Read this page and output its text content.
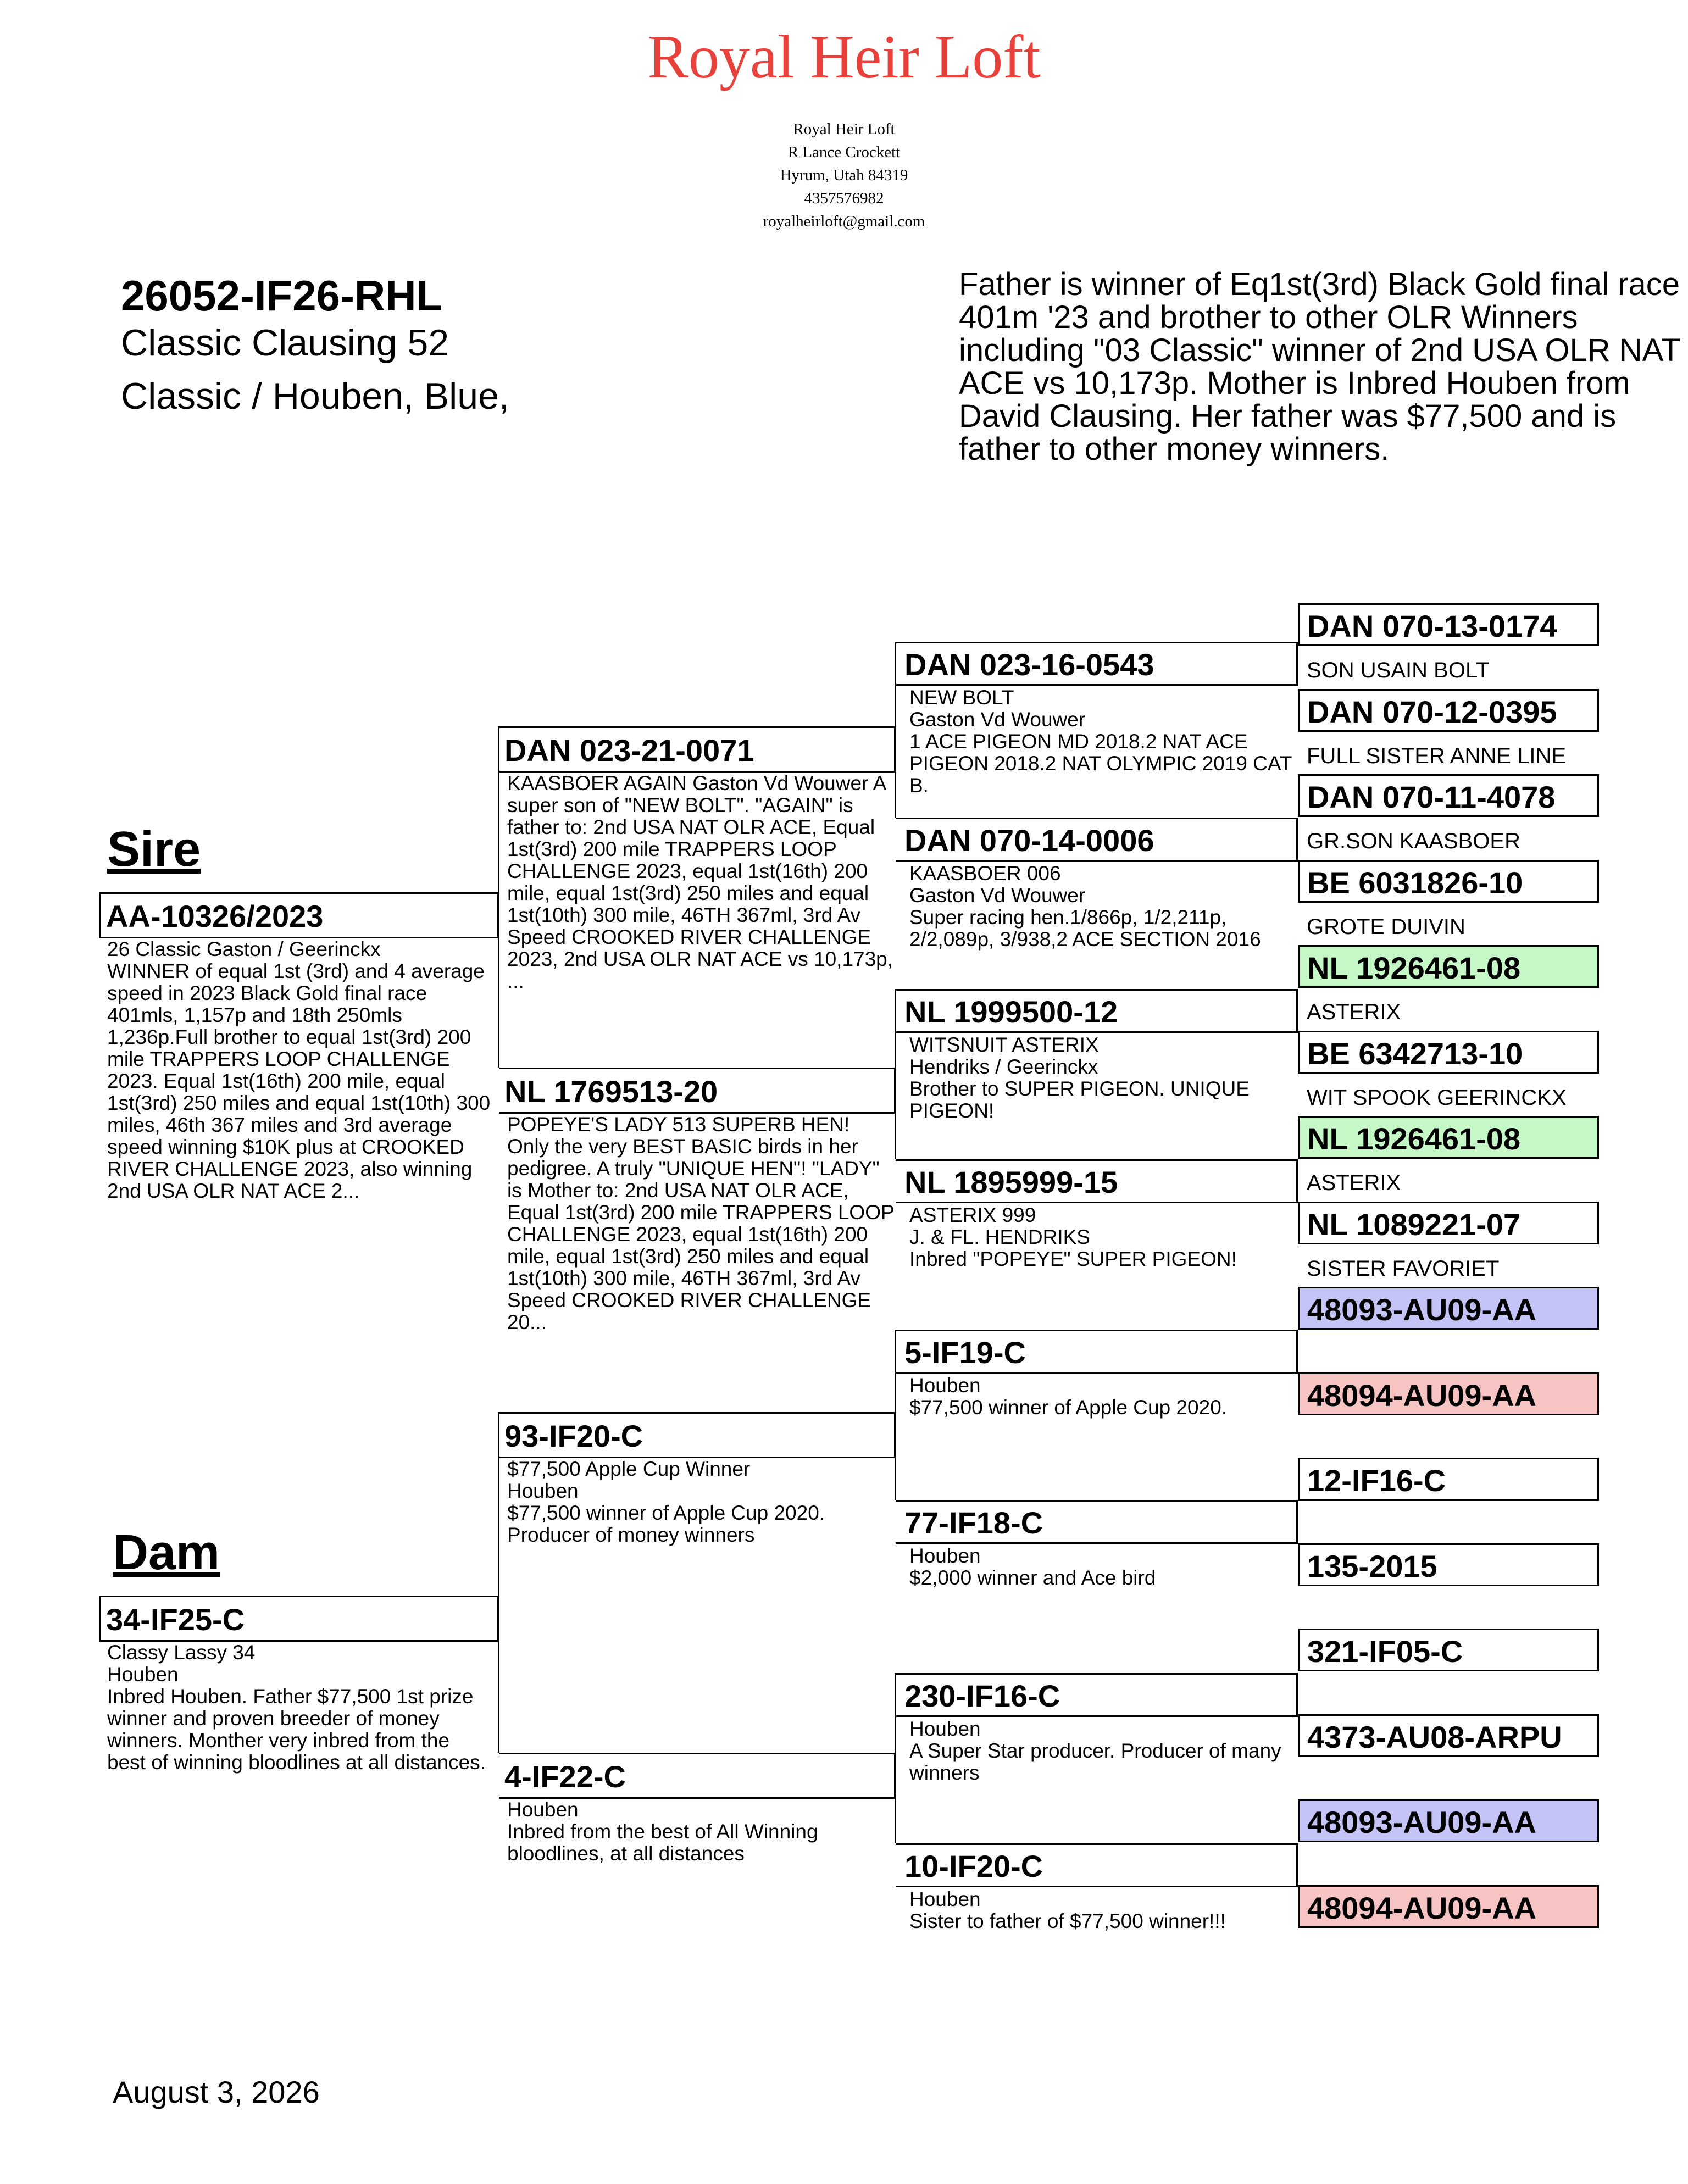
Royal Heir Loft
Royal Heir Loft
R Lance Crockett
Hyrum, Utah 84319
4357576982
royalheirloft@gmail.com
26052-IF26-RHL
Classic Clausing 52
Classic / Houben, Blue,
Father is winner of Eq1st(3rd) Black Gold final race 401m '23 and brother to other OLR Winners including "03 Classic" winner of 2nd USA OLR NAT ACE vs 10,173p. Mother is Inbred Houben from David Clausing. Her father was $77,500 and is father to other money winners.
Sire
Dam
AA-10326/2023
26 Classic Gaston / Geerinckx
WINNER of equal 1st (3rd) and 4 average speed in 2023 Black Gold final race 401mls, 1,157p and 18th 250mls 1,236p.Full brother to equal 1st(3rd) 200 mile TRAPPERS LOOP CHALLENGE 2023. Equal 1st(16th) 200 mile, equal 1st(3rd) 250 miles and equal 1st(10th) 300 miles, 46th 367 miles and 3rd average speed winning $10K plus at CROOKED RIVER CHALLENGE 2023, also winning 2nd USA OLR NAT ACE 2...
34-IF25-C
Classy Lassy 34
Houben
Inbred Houben. Father $77,500 1st prize winner and proven breeder of money winners. Monther very inbred from the best of winning bloodlines at all distances.
DAN 023-21-0071
KAASBOER AGAIN Gaston Vd Wouwer A super son of "NEW BOLT". "AGAIN" is father to: 2nd USA NAT OLR ACE, Equal 1st(3rd) 200 mile TRAPPERS LOOP CHALLENGE 2023, equal 1st(16th) 200 mile, equal 1st(3rd) 250 miles and equal 1st(10th) 300 mile, 46TH 367ml, 3rd Av Speed CROOKED RIVER CHALLENGE 2023, 2nd USA OLR NAT ACE vs 10,173p, ...
NL 1769513-20
POPEYE'S LADY 513 SUPERB HEN! Only the very BEST BASIC birds in her pedigree. A truly "UNIQUE HEN"! "LADY" is Mother to: 2nd USA NAT OLR ACE, Equal 1st(3rd) 200 mile TRAPPERS LOOP CHALLENGE 2023, equal 1st(16th) 200 mile, equal 1st(3rd) 250 miles and equal 1st(10th) 300 mile, 46TH 367ml, 3rd Av Speed CROOKED RIVER CHALLENGE 20...
93-IF20-C
$77,500 Apple Cup Winner
Houben
$77,500 winner of Apple Cup 2020.
Producer of money winners
4-IF22-C
Houben
Inbred from the best of All Winning bloodlines, at all distances
DAN 023-16-0543
NEW BOLT
Gaston Vd Wouwer
1 ACE PIGEON MD 2018.2 NAT ACE PIGEON 2018.2 NAT OLYMPIC 2019 CAT B.
DAN 070-14-0006
KAASBOER 006
Gaston Vd Wouwer
Super racing hen.1/866p, 1/2,211p, 2/2,089p, 3/938,2 ACE SECTION 2016
NL 1999500-12
WITSNUIT ASTERIX
Hendriks / Geerinckx
Brother to SUPER PIGEON. UNIQUE PIGEON!
NL 1895999-15
ASTERIX 999
J. & FL. HENDRIKS
Inbred "POPEYE" SUPER PIGEON!
5-IF19-C
Houben
$77,500 winner of Apple Cup 2020.
77-IF18-C
Houben
$2,000 winner and Ace bird
230-IF16-C
Houben
A Super Star producer. Producer of many winners
10-IF20-C
Houben
Sister to father of $77,500 winner!!!
DAN 070-13-0174
SON USAIN BOLT
DAN 070-12-0395
FULL SISTER ANNE LINE
DAN 070-11-4078
GR.SON KAASBOER
BE 6031826-10
GROTE DUIVIN
NL 1926461-08
ASTERIX
BE 6342713-10
WIT SPOOK GEERINCKX
NL 1926461-08
ASTERIX
NL 1089221-07
SISTER FAVORIET
48093-AU09-AA
48094-AU09-AA
12-IF16-C
135-2015
321-IF05-C
4373-AU08-ARPU
48093-AU09-AA
48094-AU09-AA
August 3, 2026
